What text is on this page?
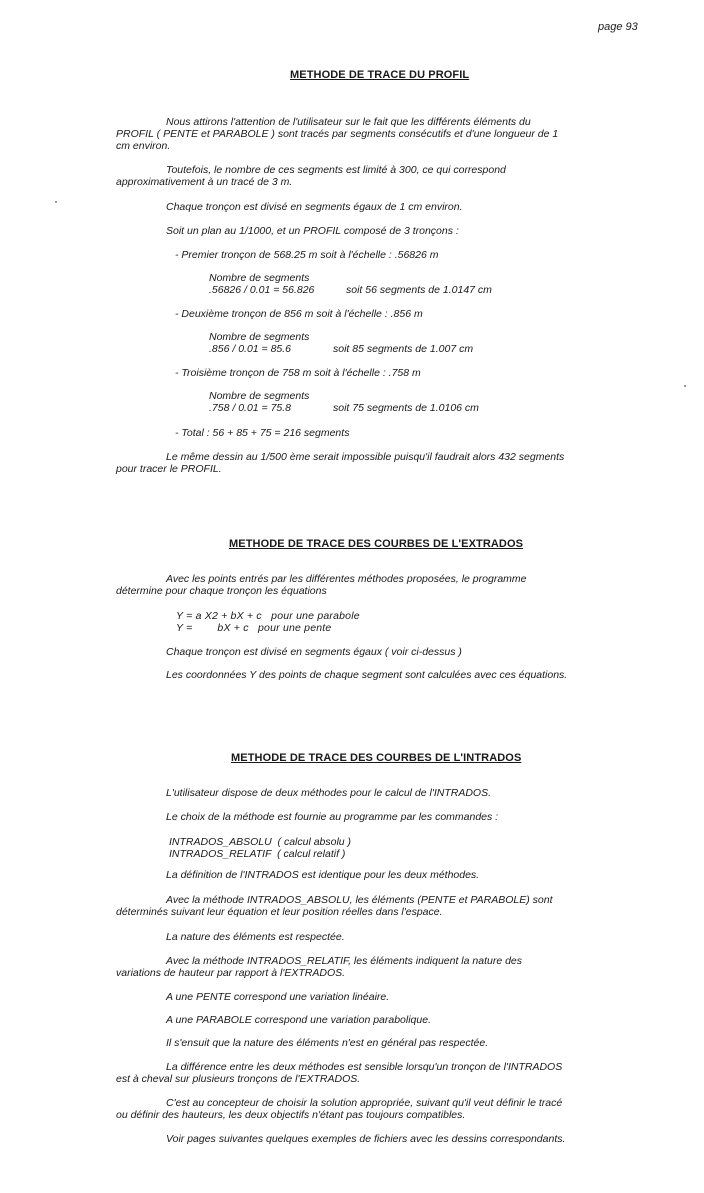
page 93
METHODE DE TRACE DU PROFIL
Nous attirons l'attention de l'utilisateur sur le fait que les différents éléments du
PROFIL ( PENTE et PARABOLE ) sont tracés par segments consécutifs et d'une longueur de 1
cm environ.
Toutefois, le nombre de ces segments est limité à 300, ce qui correspond
approximativement à un tracé de 3 m.
Chaque tronçon est divisé en segments égaux de 1 cm environ.
Soit un plan au 1/1000, et un PROFIL composé de 3 tronçons :
- Premier tronçon de 568.25 m soit à l'échelle : .56826 m
Nombre de segments
.56826 / 0.01 = 56.826	soit 56 segments de 1.0147 cm
- Deuxième tronçon de 856 m soit à l'échelle : .856 m
Nombre de segments
.856 / 0.01 = 85.6	soit 85 segments de 1.007 cm
- Troisième tronçon de 758 m soit à l'échelle : .758 m
Nombre de segments
.758 / 0.01 = 75.8	soit 75 segments de 1.0106 cm
- Total : 56 + 85 + 75 = 216 segments
Le même dessin au 1/500 ème serait impossible puisqu'il faudrait alors 432 segments
pour tracer le PROFIL.
METHODE DE TRACE DES COURBES DE L'EXTRADOS
Avec les points entrés par les différentes méthodes proposées, le programme
détermine pour chaque tronçon les équations
Y = a X2 + bX + c   pour une parabole
Y =        bX + c   pour une pente
Chaque tronçon est divisé en segments égaux ( voir ci-dessus )
Les coordonnées Y des points de chaque segment sont calculées avec ces équations.
METHODE DE TRACE DES COURBES DE L'INTRADOS
L'utilisateur dispose de deux méthodes pour le calcul de l'INTRADOS.
Le choix de la méthode est fournie au programme par les commandes :
INTRADOS_ABSOLU  ( calcul absolu )
INTRADOS_RELATIF  ( calcul relatif )
La définition de l'INTRADOS est identique pour les deux méthodes.
Avec la méthode INTRADOS_ABSOLU, les éléments (PENTE et PARABOLE) sont
déterminés suivant leur équation et leur position réelles dans l'espace.
La nature des éléments est respectée.
Avec la méthode INTRADOS_RELATIF, les éléments indiquent la nature des
variations de hauteur par rapport à l'EXTRADOS.
A une PENTE correspond une variation linéaire.
A une PARABOLE correspond une variation parabolique.
Il s'ensuit que la nature des éléments n'est en général pas respectée.
La différence entre les deux méthodes est sensible lorsqu'un tronçon de l'INTRADOS
est à cheval sur plusieurs tronçons de l'EXTRADOS.
C'est au concepteur de choisir la solution appropriée, suivant qu'il veut définir le tracé
ou définir des hauteurs, les deux objectifs n'étant pas toujours compatibles.
Voir pages suivantes quelques exemples de fichiers avec les dessins correspondants.
